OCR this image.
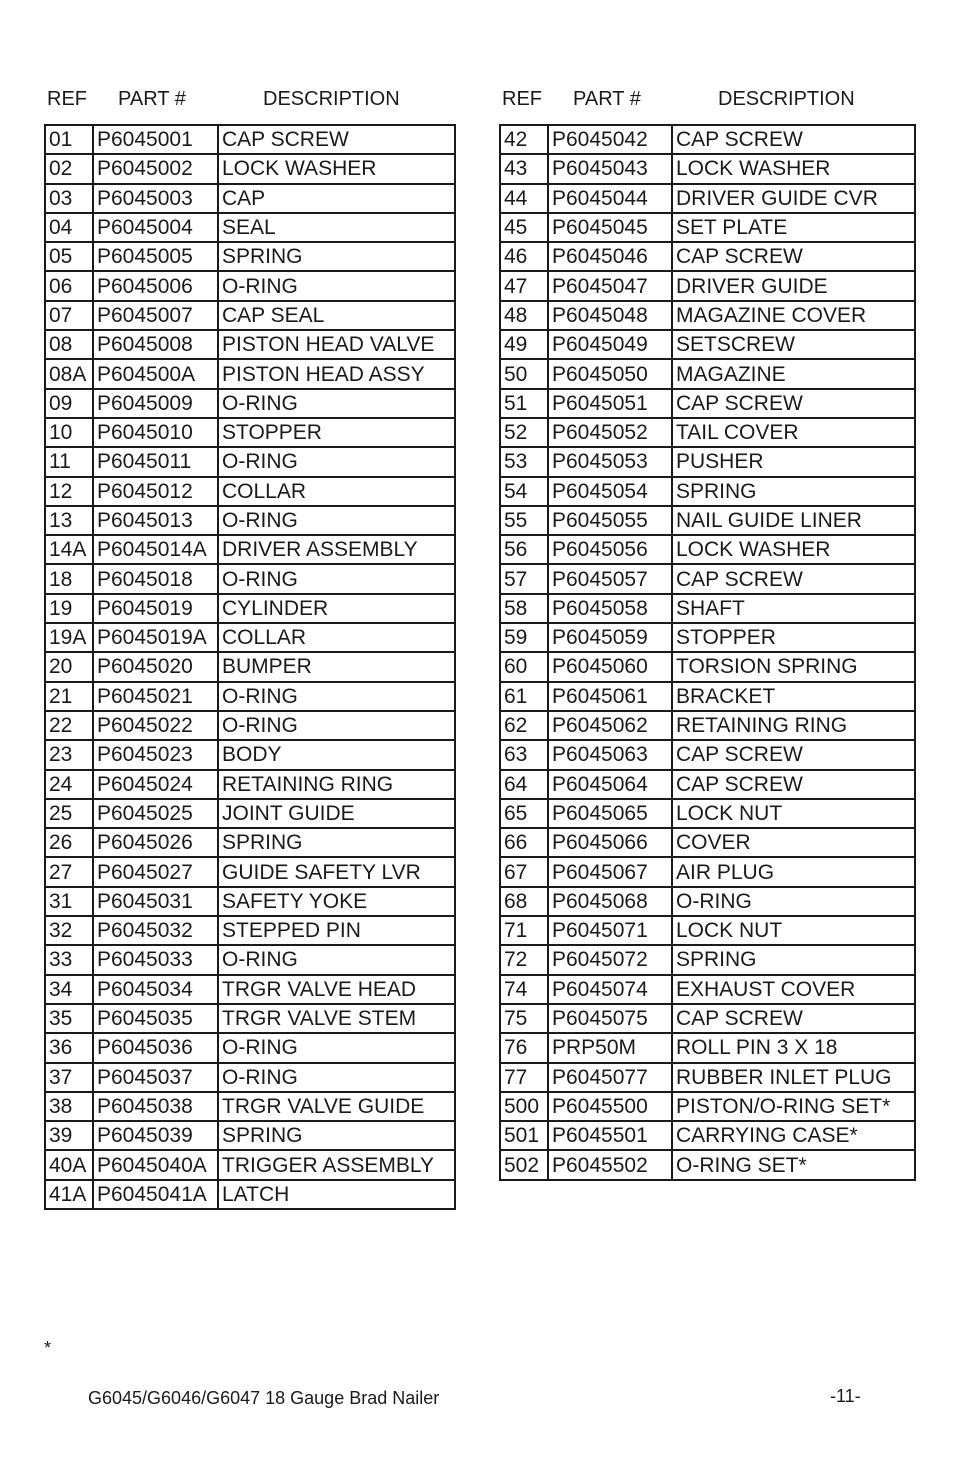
REF PART #	DESCRIPTION
01	P6045001	CAP SCREW
02	P6045002	LOCK WASHER
03	P6045003	CAP
04	P6045004	SEAL
05	P6045005	SPRING
06	P6045006	O-RING
07	P6045007	CAP SEAL
08	P6045008	PISTON HEAD VALVE
08A	P604500A	PISTON HEAD ASSY
09	P6045009	O-RING
10	P6045010	STOPPER
11	P6045011	O-RING
12	P6045012	COLLAR
13	P6045013	O-RING
14A	P6045014A	DRIVER ASSEMBLY
18	P6045018	O-RING
19	P6045019	CYLINDER
19A	P6045019A	COLLAR
20	P6045020	BUMPER
21	P6045021	O-RING
22	P6045022	O-RING
23	P6045023	BODY
24	P6045024	RETAINING RING
25	P6045025	JOINT GUIDE
26	P6045026	SPRING
27	P6045027	GUIDE SAFETY LVR
31	P6045031	SAFETY YOKE
32	P6045032	STEPPED PIN
33	P6045033	O-RING
34	P6045034	TRGR VALVE HEAD
35	P6045035	TRGR VALVE STEM
36	P6045036	O-RING
37	P6045037	O-RING
38	P6045038	TRGR VALVE GUIDE
39	P6045039	SPRING
40A	P6045040A	TRIGGER ASSEMBLY
41A	P6045041A	LATCH
REF PART #	DESCRIPTION
42	P6045042	CAP SCREW
43	P6045043	LOCK WASHER
44	P6045044	DRIVER GUIDE CVR
45	P6045045	SET PLATE
46	P6045046	CAP SCREW
47	P6045047	DRIVER GUIDE
48	P6045048	MAGAZINE COVER
49	P6045049	SETSCREW
50	P6045050	MAGAZINE
51	P6045051	CAP SCREW
52	P6045052	TAIL COVER
53	P6045053	PUSHER
54	P6045054	SPRING
55	P6045055	NAIL GUIDE LINER
56	P6045056	LOCK WASHER
57	P6045057	CAP SCREW
58	P6045058	SHAFT
59	P6045059	STOPPER
60	P6045060	TORSION SPRING
61	P6045061	BRACKET
62	P6045062	RETAINING RING
63	P6045063	CAP SCREW
64	P6045064	CAP SCREW
65	P6045065	LOCK NUT
66	P6045066	COVER
67	P6045067	AIR PLUG
68	P6045068	O-RING
71	P6045071	LOCK NUT
72	P6045072	SPRING
74	P6045074	EXHAUST COVER
75	P6045075	CAP SCREW
76	PRP50M	ROLL PIN 3 X 18
77	P6045077	RUBBER INLET PLUG
500	P6045500	PISTON/O-RING SET*
501	P6045501	CARRYING CASE*
502	P6045502	O-RING SET*
*
G6045/G6046/G6047 18 Gauge Brad Nailer	-11-
